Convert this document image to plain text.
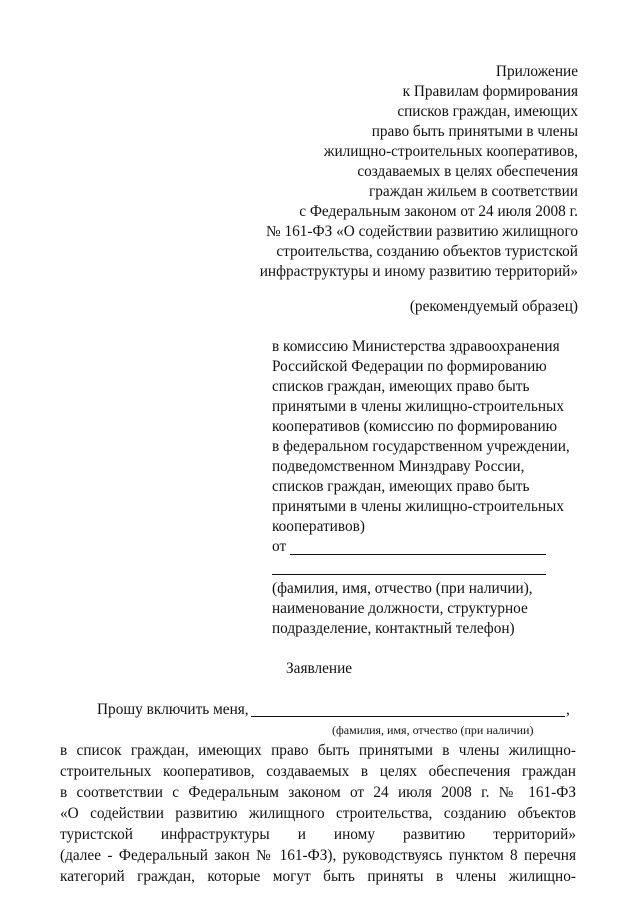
Приложение
к Правилам формирования
списков граждан, имеющих
право быть принятыми в члены
жилищно-строительных кооперативов,
создаваемых в целях обеспечения
граждан жильем в соответствии
с Федеральным законом от 24 июля 2008 г.
№ 161-ФЗ «О содействии развитию жилищного
строительства, созданию объектов туристской
инфраструктуры и иному развитию территорий»
(рекомендуемый образец)
в комиссию Министерства здравоохранения
Российской Федерации по формированию
списков граждан, имеющих право быть
принятыми в члены жилищно-строительных
кооперативов (комиссию по формированию
в федеральном государственном учреждении,
подведомственном Минздраву России,
списков граждан, имеющих право быть
принятыми в члены жилищно-строительных
кооперативов)
от
(фамилия, имя, отчество (при наличии),
наименование должности, структурное
подразделение, контактный телефон)
Заявление
Прошу включить меня,	,
(фамилия, имя, отчество (при наличии)
в список граждан, имеющих право быть принятыми в члены жилищно-
строительных кооперативов, создаваемых в целях обеспечения граждан
в соответствии с Федеральным законом от 24 июля 2008 г. № 161-ФЗ
«О содействии развитию жилищного строительства, созданию объектов
туристской инфраструктуры и иному развитию территорий»
(далее - Федеральный закон № 161-ФЗ), руководствуясь пунктом 8 перечня
категорий граждан, которые могут быть приняты в члены жилищно-
